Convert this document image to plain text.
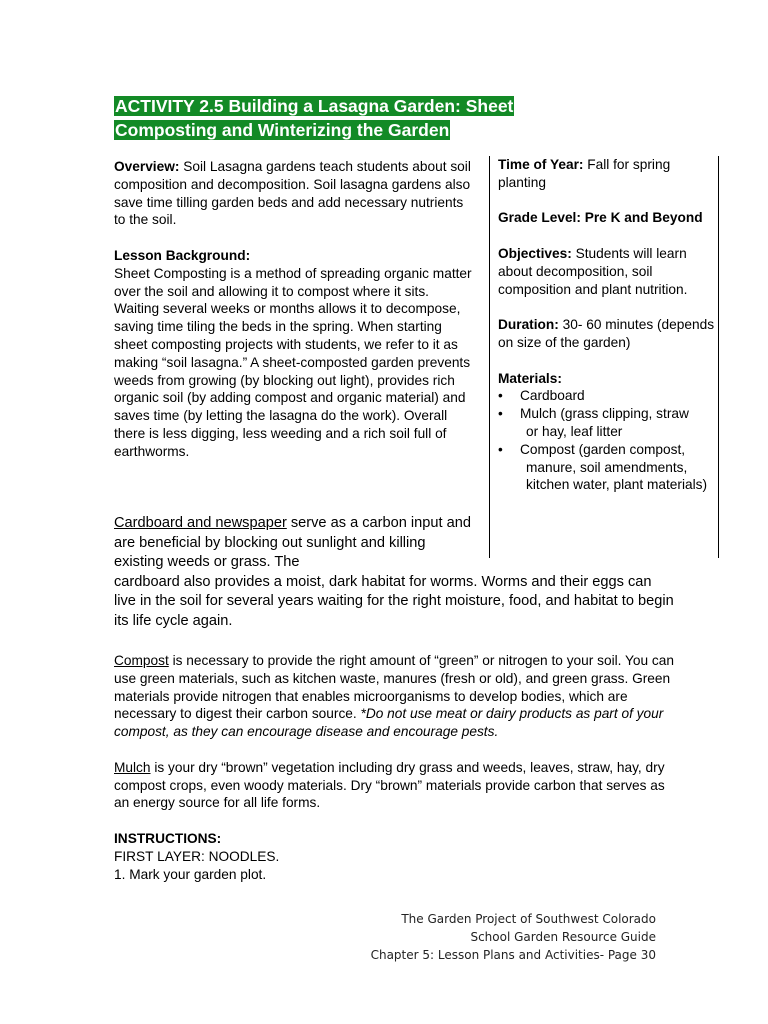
ACTIVITY 2.5 Building a Lasagna Garden: Sheet
Composting and Winterizing the Garden

Overview: Soil Lasagna gardens teach students about soil composition and decomposition. Soil lasagna gardens also save time tilling garden beds and add necessary nutrients to the soil.

Lesson Background:

Sheet Composting is a method of spreading organic matter over the soil and allowing it to compost where it sits. Waiting several weeks or months allows it to decompose, saving time tiling the beds in the spring. When starting sheet composting projects with students, we refer to it as making “soil lasagna.” A sheet-composted garden prevents weeds from growing (by blocking out light), provides rich organic soil (by adding compost and organic material) and saves time (by letting the lasagna do the work). Overall there is less digging, less weeding and a rich soil full of earthworms.

Time of Year: Fall for spring planting

Grade Level: Pre K and Beyond

Objectives: Students will learn about decomposition, soil composition and plant nutrition.

Duration: 30- 60 minutes (depends on size of the garden)

Materials:

• Cardboard
• Mulch (grass clipping, straw
or hay, leaf litter
• Compost (garden compost,
manure, soil amendments, kitchen water, plant materials)

Cardboard and newspaper serve as a carbon input and are beneficial by blocking out sunlight and killing existing weeds or grass. The

cardboard also provides a moist, dark habitat for worms. Worms and their eggs can live in the soil for several years waiting for the right moisture, food, and habitat to begin its life cycle again.

Compost is necessary to provide the right amount of “green” or nitrogen to your soil. You can use green materials, such as kitchen waste, manures (fresh or old), and green grass. Green materials provide nitrogen that enables microorganisms to develop bodies, which are necessary to digest their carbon source. *Do not use meat or dairy products as part of your compost, as they can encourage disease and encourage pests.

Mulch is your dry “brown” vegetation including dry grass and weeds, leaves, straw, hay, dry compost crops, even woody materials. Dry “brown” materials provide carbon that serves as an energy source for all life forms.

INSTRUCTIONS:

FIRST LAYER: NOODLES.

1. Mark your garden plot.

The Garden Project of Southwest Colorado
School Garden Resource Guide
Chapter 5: Lesson Plans and Activities- Page 30
